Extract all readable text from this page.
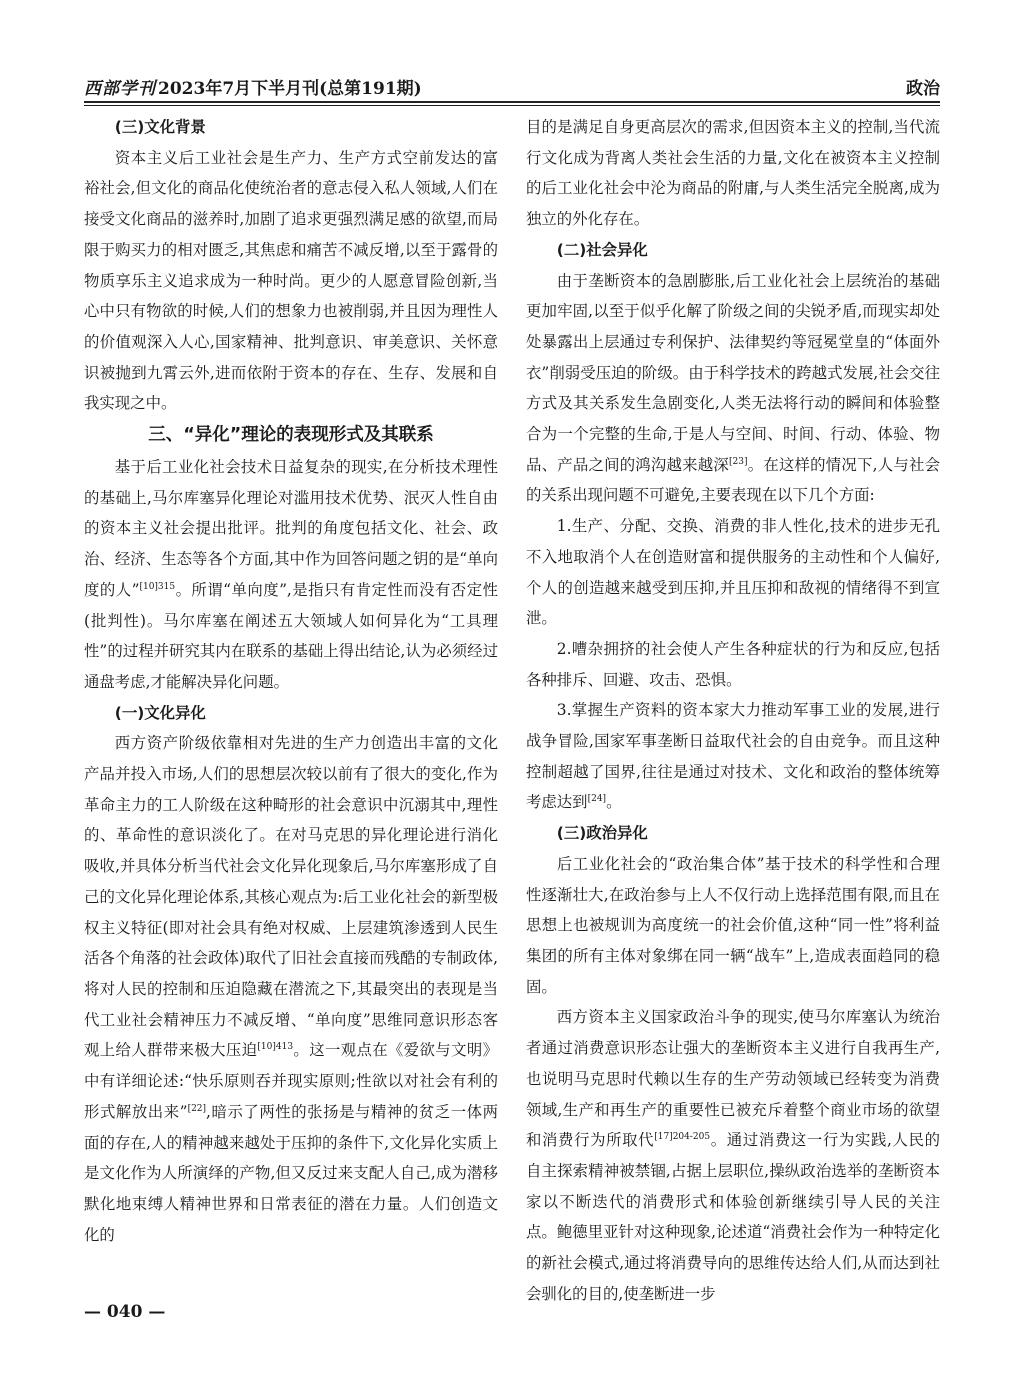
西部学刊 2023年7月下半月刊(总第191期)	政治
(三)文化背景

资本主义后工业社会是生产力、生产方式空前发达的富裕社会,但文化的商品化使统治者的意志侵入私人领域,人们在接受文化商品的滋养时,加剧了追求更强烈满足感的欲望,而局限于购买力的相对匮乏,其焦虑和痛苦不减反增,以至于露骨的物质享乐主义追求成为一种时尚。更少的人愿意冒险创新,当心中只有物欲的时候,人们的想象力也被削弱,并且因为理性人的价值观深入人心,国家精神、批判意识、审美意识、关怀意识被抛到九霄云外,进而依附于资本的存在、生存、发展和自我实现之中。

三、“异化”理论的表现形式及其联系

基于后工业化社会技术日益复杂的现实,在分析技术理性的基础上,马尔库塞异化理论对滥用技术优势、泯灭人性自由的资本主义社会提出批评。批判的角度包括文化、社会、政治、经济、生态等各个方面,其中作为回答问题之钥的是“单向度的人”$^{[10]315}$。所谓“单向度”,是指只有肯定性而没有否定性(批判性)。马尔库塞在阐述五大领域人如何异化为“工具理性”的过程并研究其内在联系的基础上得出结论,认为必须经过通盘考虑,才能解决异化问题。

(一)文化异化

西方资产阶级依靠相对先进的生产力创造出丰富的文化产品并投入市场,人们的思想层次较以前有了很大的变化,作为革命主力的工人阶级在这种畸形的社会意识中沉溺其中,理性的、革命性的意识淡化了。在对马克思的异化理论进行消化吸收,并具体分析当代社会文化异化现象后,马尔库塞形成了自己的文化异化理论体系,其核心观点为:后工业化社会的新型极权主义特征(即对社会具有绝对权威、上层建筑渗透到人民生活各个角落的社会政体)取代了旧社会直接而残酷的专制政体,将对人民的控制和压迫隐藏在潜流之下,其最突出的表现是当代工业社会精神压力不减反增、“单向度”思维同意识形态客观上给人群带来极大压迫$^{[10]413}$。这一观点在《爱欲与文明》中有详细论述:“快乐原则吞并现实原则;性欲以对社会有利的形式解放出来”[22],暗示了两性的张扬是与精神的贫乏一体两面的存在,人的精神越来越处于压抑的条件下,文化异化实质上是文化作为人所演绎的产物,但又反过来支配人自己,成为潜移默化地束缚人精神世界和日常表征的潜在力量。人们创造文化的

目的是满足自身更高层次的需求,但因资本主义的控制,当代流行文化成为背离人类社会生活的力量,文化在被资本主义控制的后工业化社会中沦为商品的附庸,与人类生活完全脱离,成为独立的外化存在。

(二)社会异化

由于垄断资本的急剧膨胀,后工业化社会上层统治的基础更加牢固,以至于似乎化解了阶级之间的尖锐矛盾,而现实却处处暴露出上层通过专利保护、法律契约等冠冕堂皇的“体面外衣”削弱受压迫的阶级。由于科学技术的跨越式发展,社会交往方式及其关系发生急剧变化,人类无法将行动的瞬间和体验整合为一个完整的生命,于是人与空间、时间、行动、体验、物品、产品之间的鸿沟越来越深[23]。在这样的情况下,人与社会的关系出现问题不可避免,主要表现在以下几个方面:

1.生产、分配、交换、消费的非人性化,技术的进步无孔不入地取消个人在创造财富和提供服务的主动性和个人偏好,个人的创造越来越受到压抑,并且压抑和敌视的情绪得不到宣泄。

2.嘈杂拥挤的社会使人产生各种症状的行为和反应,包括各种排斥、回避、攻击、恐惧。

3.掌握生产资料的资本家大力推动军事工业的发展,进行战争冒险,国家军事垄断日益取代社会的自由竞争。而且这种控制超越了国界,往往是通过对技术、文化和政治的整体统筹考虑达到[24]。

(三)政治异化

后工业化社会的“政治集合体”基于技术的科学性和合理性逐渐壮大,在政治参与上人不仅行动上选择范围有限,而且在思想上也被规训为高度统一的社会价值,这种“同一性”将利益集团的所有主体对象绑在同一辆“战车”上,造成表面趋同的稳固。

西方资本主义国家政治斗争的现实,使马尔库塞认为统治者通过消费意识形态让强大的垄断资本主义进行自我再生产,也说明马克思时代赖以生存的生产劳动领域已经转变为消费领域,生产和再生产的重要性已被充斥着整个商业市场的欲望和消费行为所取代$^{[17]204-205}$。通过消费这一行为实践,人民的自主探索精神被禁锢,占据上层职位,操纵政治选举的垄断资本家以不断迭代的消费形式和体验创新继续引导人民的关注点。鲍德里亚针对这种现象,论述道“消费社会作为一种特定化的新社会模式,通过将消费导向的思维传达给人们,从而达到社会驯化的目的,使垄断进一步

— 040 —
